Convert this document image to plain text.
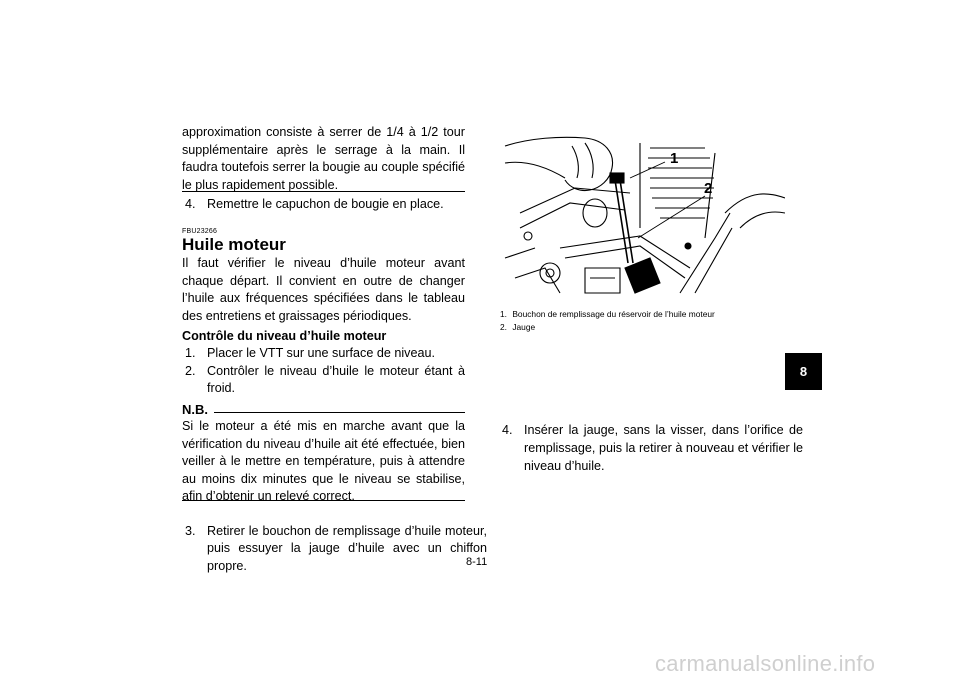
approximation consiste à serrer de 1/4 à 1/2 tour supplémentaire après le serrage à la main. Il faudra toutefois serrer la bougie au couple spécifié le plus rapidement possible.
4. Remettre le capuchon de bougie en place.
FBU23266
Huile moteur
Il faut vérifier le niveau d’huile moteur avant chaque départ. Il convient en outre de changer l’huile aux fréquences spécifiées dans le tableau des entretiens et graissages périodiques.
Contrôle du niveau d’huile moteur
1. Placer le VTT sur une surface de niveau.
2. Contrôler le niveau d’huile le moteur étant à froid.
N.B.
Si le moteur a été mis en marche avant que la vérification du niveau d’huile ait été effectuée, bien veiller à le mettre en température, puis à attendre au moins dix minutes que le niveau se stabilise, afin d’obtenir un relevé correct.
3. Retirer le bouchon de remplissage d’huile moteur, puis essuyer la jauge d’huile avec un chiffon propre.
1
2
1. Bouchon de remplissage du réservoir de l’huile moteur
2. Jauge
4. Insérer la jauge, sans la visser, dans l’orifice de remplissage, puis la retirer à nouveau et vérifier le niveau d’huile.
8
8-11
carmanualsonline.info
